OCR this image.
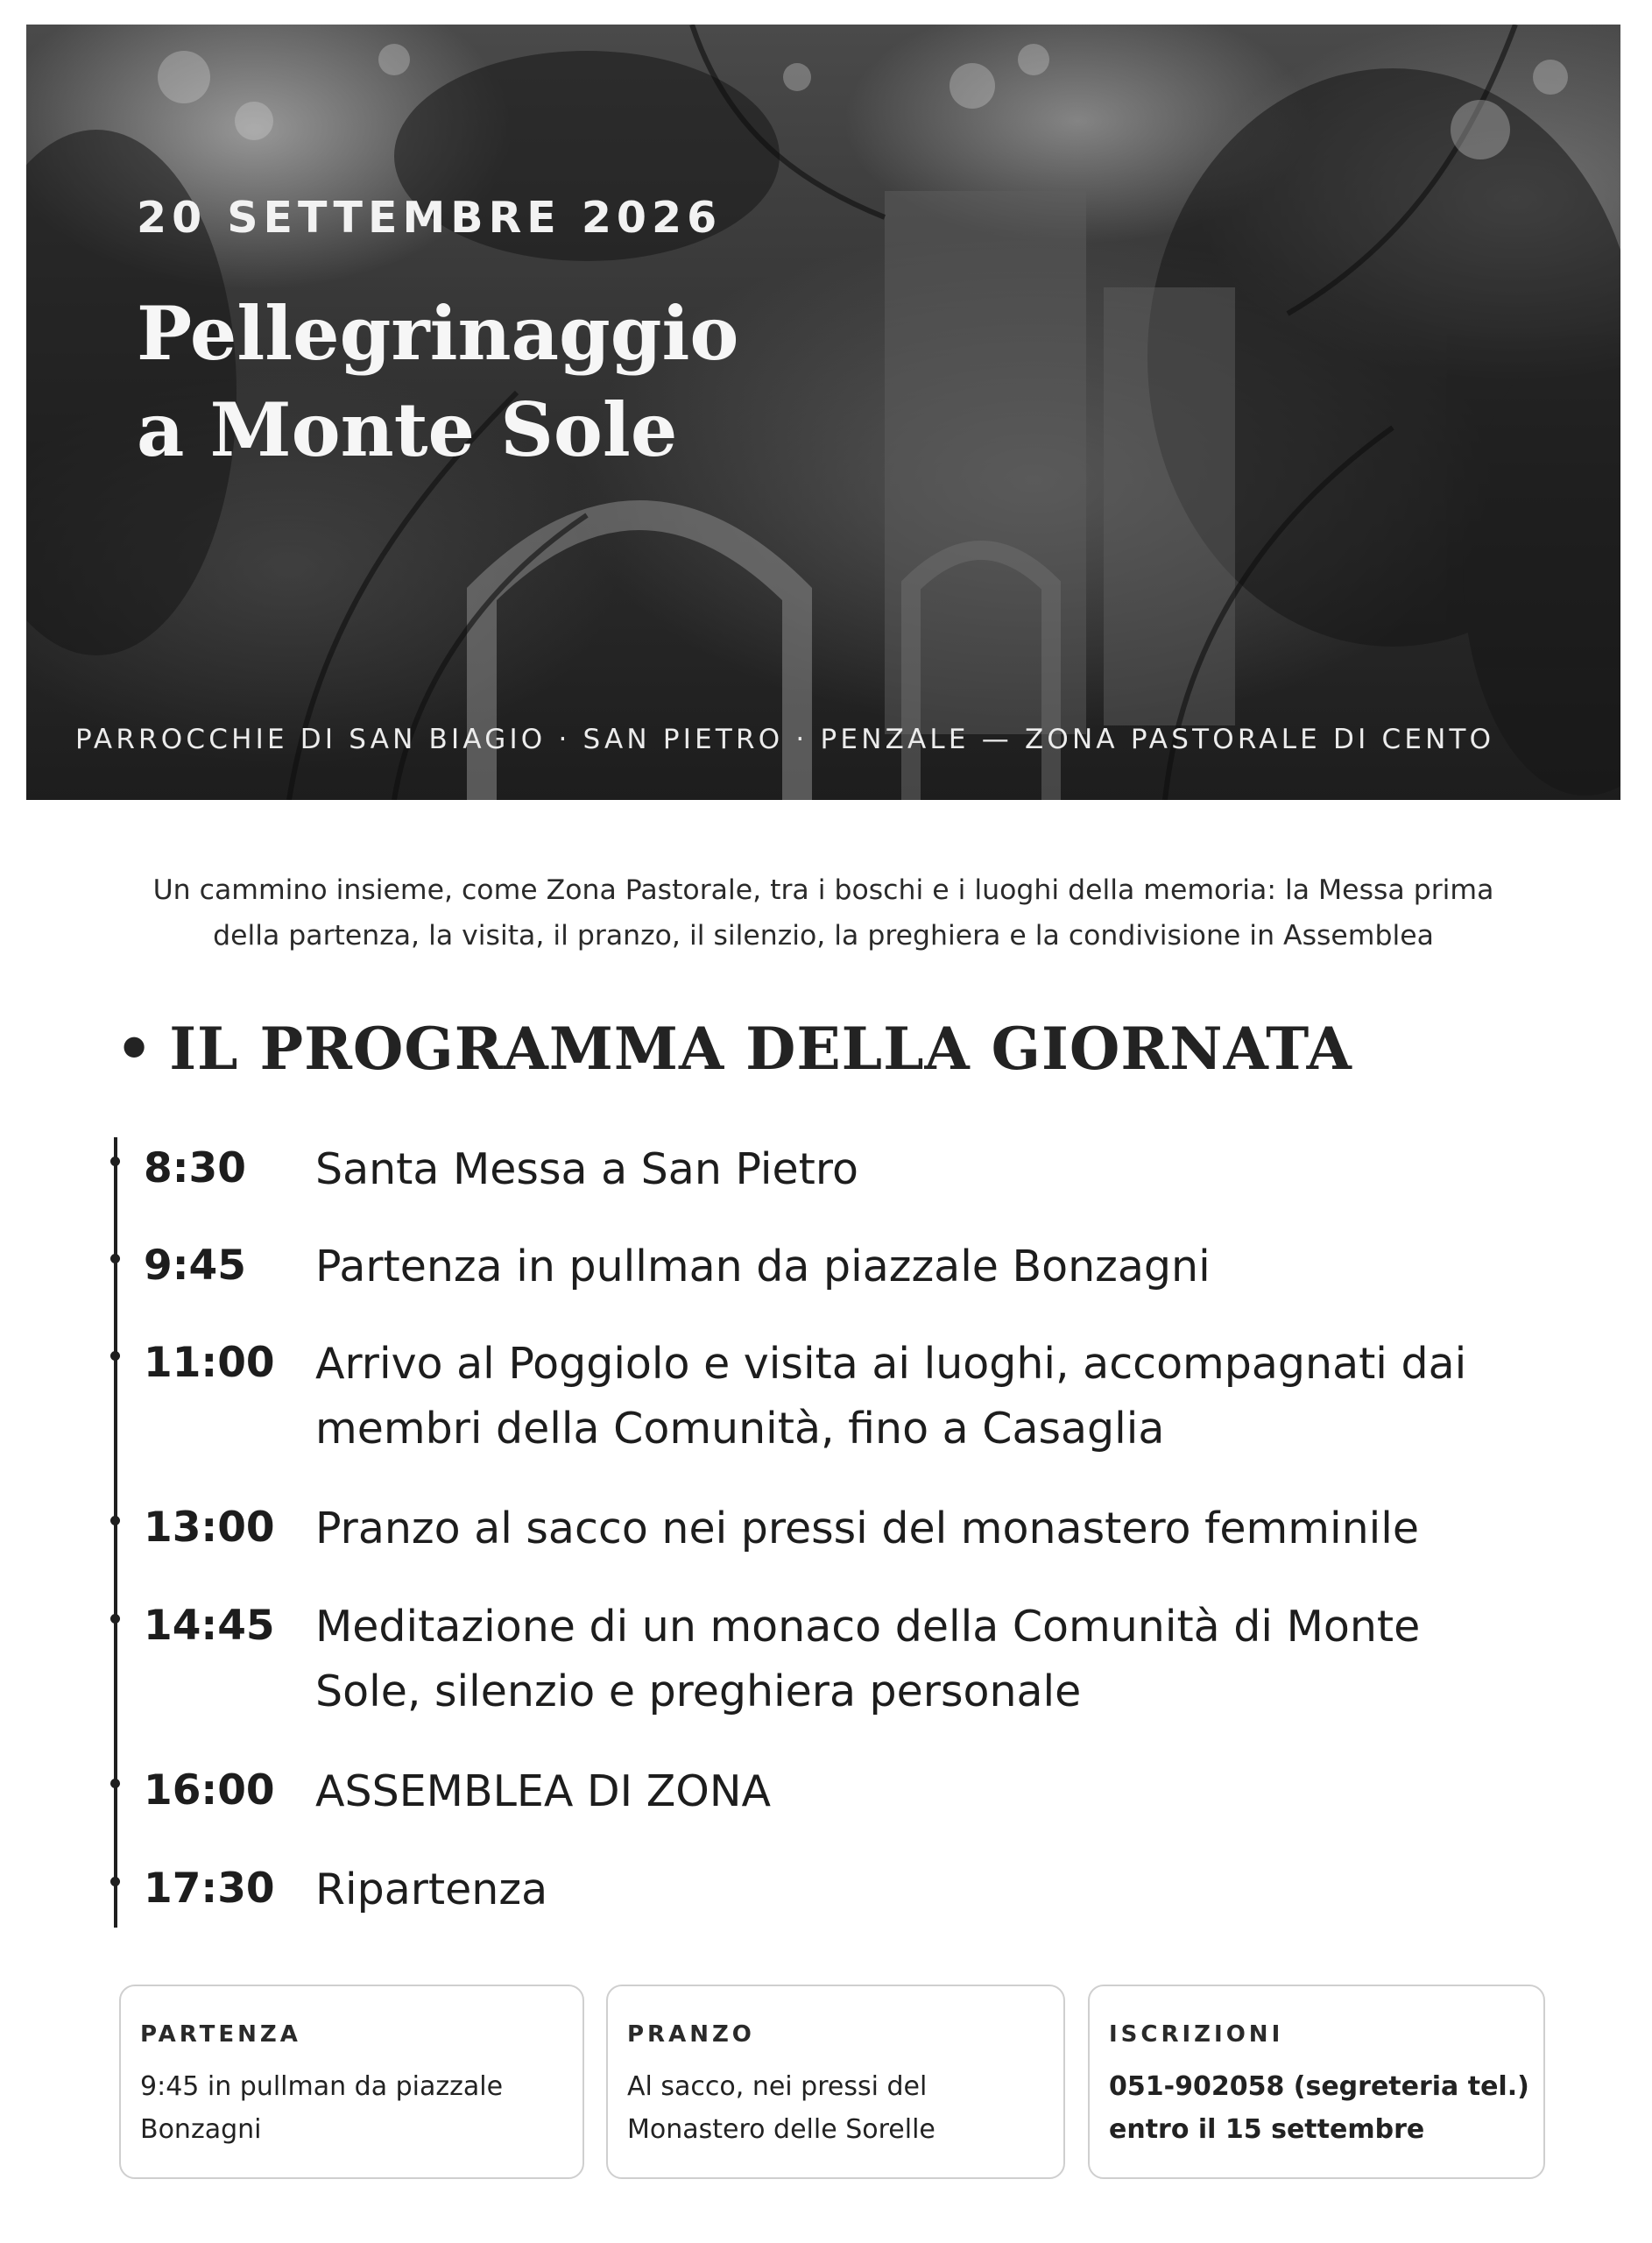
20 SETTEMBRE 2026
Pellegrinaggio
a Monte Sole
PARROCCHIE DI SAN BIAGIO · SAN PIETRO · PENZALE — ZONA PASTORALE DI CENTO
Un cammino insieme, come Zona Pastorale, tra i boschi e i luoghi della memoria: la Messa prima
della partenza, la visita, il pranzo, il silenzio, la preghiera e la condivisione in Assemblea
• IL PROGRAMMA DELLA GIORNATA
8:30 Santa Messa a San Pietro
9:45 Partenza in pullman da piazzale Bonzagni
11:00 Arrivo al Poggiolo e visita ai luoghi, accompagnati dai
membri della Comunità, fino a Casaglia
13:00 Pranzo al sacco nei pressi del monastero femminile
14:45 Meditazione di un monaco della Comunità di Monte
Sole, silenzio e preghiera personale
16:00 ASSEMBLEA DI ZONA
17:30 Ripartenza
PARTENZA
9:45 in pullman da piazzale
Bonzagni
PRANZO
Al sacco, nei pressi del
Monastero delle Sorelle
ISCRIZIONI
051-902058 (segreteria tel.)
entro il 15 settembre
